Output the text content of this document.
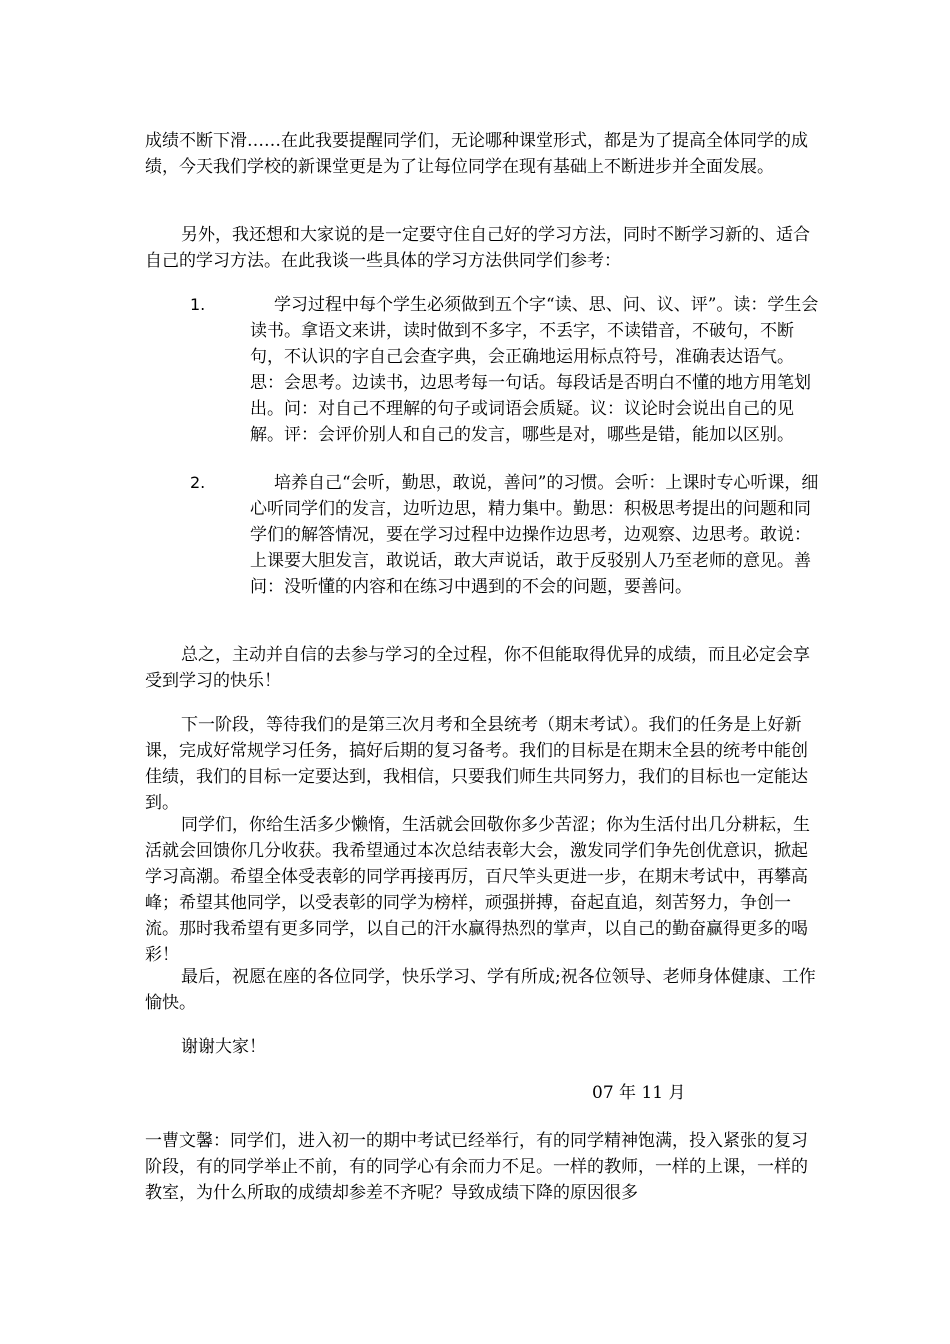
成绩不断下滑……在此我要提醒同学们，无论哪种课堂形式，都是为了提高全体同学的成绩，今天我们学校的新课堂更是为了让每位同学在现有基础上不断进步并全面发展。

另外，我还想和大家说的是一定要守住自己好的学习方法，同时不断学习新的、适合自己的学习方法。在此我谈一些具体的学习方法供同学们参考：

1.	学习过程中每个学生必须做到五个字“读、思、问、议、评”。读：学生会读书。拿语文来讲，读时做到不多字，不丢字，不读错音，不破句，不断句，不认识的字自己会查字典，会正确地运用标点符号，准确表达语气。思：会思考。边读书，边思考每一句话。每段话是否明白不懂的地方用笔划出。问：对自己不理解的句子或词语会质疑。议：议论时会说出自己的见解。评：会评价别人和自己的发言，哪些是对，哪些是错，能加以区别。

2.	培养自己“会听，勤思，敢说，善问”的习惯。会听：上课时专心听课，细心听同学们的发言，边听边思，精力集中。勤思：积极思考提出的问题和同学们的解答情况，要在学习过程中边操作边思考，边观察、边思考。敢说：上课要大胆发言，敢说话，敢大声说话，敢于反驳别人乃至老师的意见。善问：没听懂的内容和在练习中遇到的不会的问题，要善问。

总之，主动并自信的去参与学习的全过程，你不但能取得优异的成绩，而且必定会享受到学习的快乐！

下一阶段，等待我们的是第三次月考和全县统考（期末考试）。我们的任务是上好新课，完成好常规学习任务，搞好后期的复习备考。我们的目标是在期末全县的统考中能创佳绩，我们的目标一定要达到，我相信，只要我们师生共同努力，我们的目标也一定能达到。

同学们，你给生活多少懒惰，生活就会回敬你多少苦涩；你为生活付出几分耕耘，生活就会回馈你几分收获。我希望通过本次总结表彰大会，激发同学们争先创优意识，掀起学习高潮。希望全体受表彰的同学再接再厉，百尺竿头更进一步，在期末考试中，再攀高峰；希望其他同学，以受表彰的同学为榜样，顽强拼搏，奋起直追，刻苦努力，争创一流。那时我希望有更多同学，以自己的汗水赢得热烈的掌声，以自己的勤奋赢得更多的喝彩！

最后，祝愿在座的各位同学，快乐学习、学有所成;祝各位领导、老师身体健康、工作愉快。

谢谢大家！

07 年 11 月

一曹文馨：同学们，进入初一的期中考试已经举行，有的同学精神饱满，投入紧张的复习阶段，有的同学举止不前，有的同学心有余而力不足。一样的教师，一样的上课，一样的教室，为什么所取的成绩却参差不齐呢？导致成绩下降的原因很多
